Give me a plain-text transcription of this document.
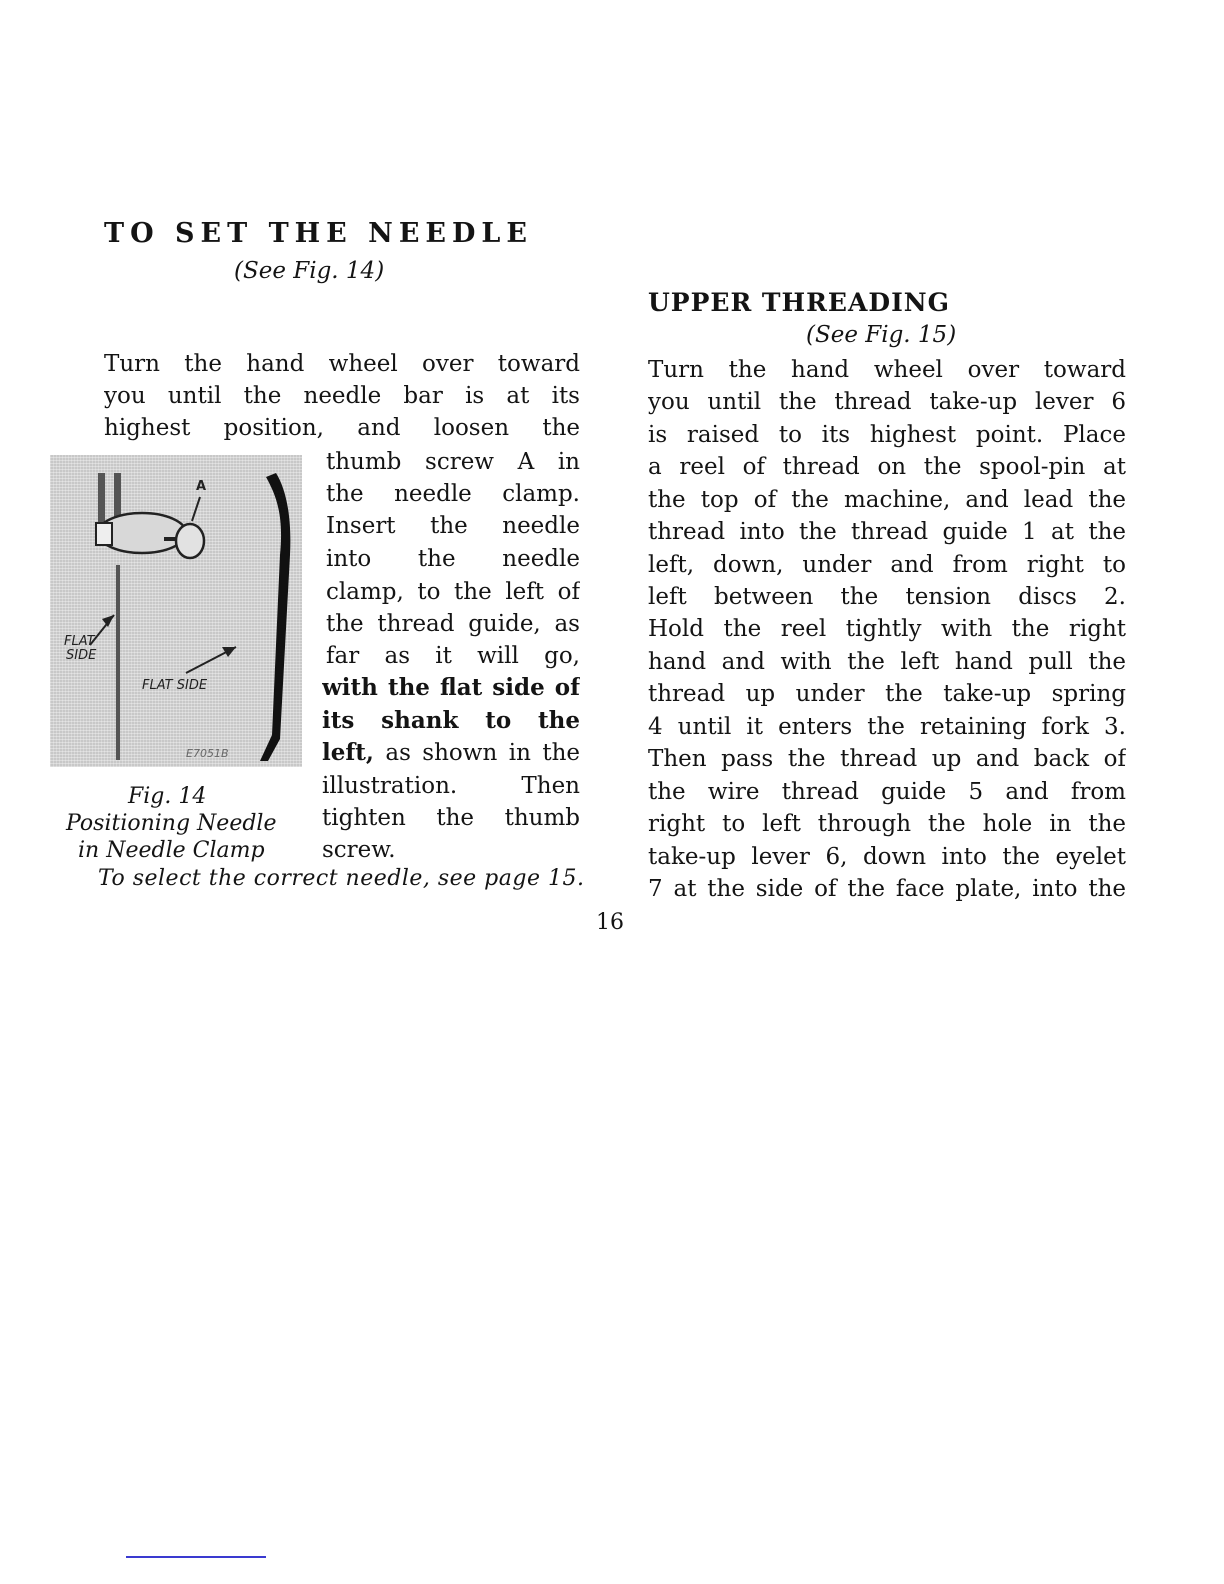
TO SET THE NEEDLE
(See Fig. 14)
Turn the hand wheel over toward
you until the needle bar is at its
highest position, and loosen the
thumb screw A in
the needle clamp.
Insert the needle
into the needle
clamp, to the left of
the thread guide, as
far as it will go,
with the flat side of
its shank to the
left, as shown in the
illustration. Then
tighten the thumb
screw.
A
FLAT
SIDE
FLAT SIDE
E7051B
Fig. 14
Positioning Needle
in Needle Clamp
To select the correct needle, see page 15.
UPPER THREADING
(See Fig. 15)
Turn the hand wheel over toward
you until the thread take-up lever 6
is raised to its highest point. Place
a reel of thread on the spool-pin at
the top of the machine, and lead the
thread into the thread guide 1 at the
left, down, under and from right to
left between the tension discs 2.
Hold the reel tightly with the right
hand and with the left hand pull the
thread up under the take-up spring
4 until it enters the retaining fork 3.
Then pass the thread up and back of
the wire thread guide 5 and from
right to left through the hole in the
take-up lever 6, down into the eyelet
7 at the side of the face plate, into the
16
